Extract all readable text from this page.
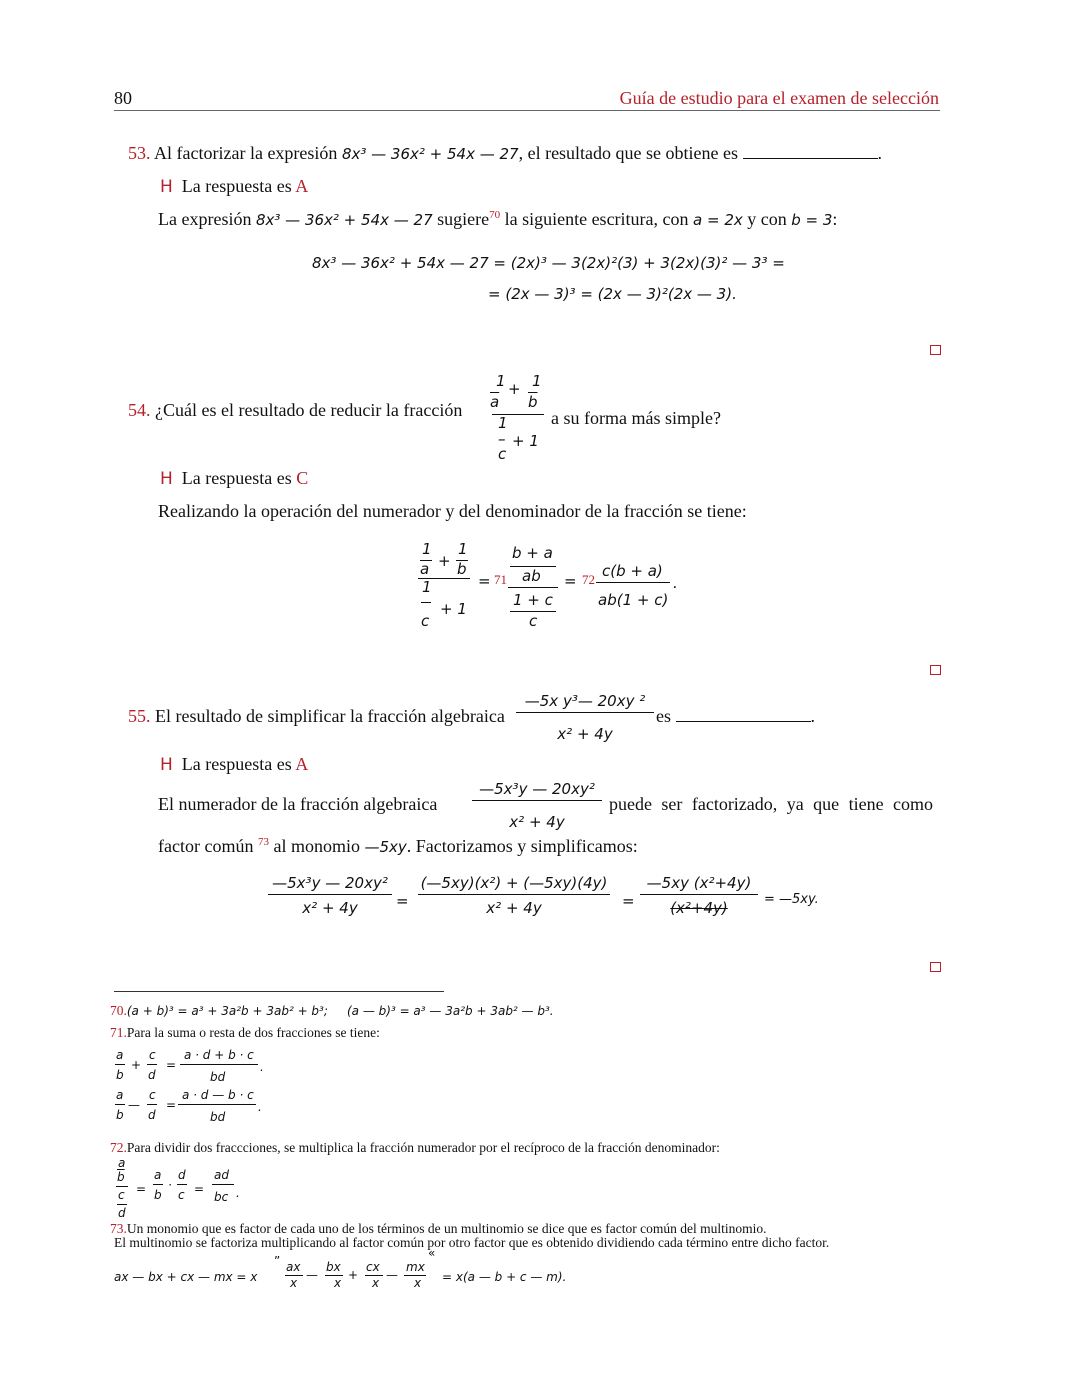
80	Guía de estudio para el examen de selección
53. Al factorizar la expresión 8x³ — 36x² + 54x — 27, el resultado que se obtiene es	.
H La respuesta es A
La expresión 8x³ — 36x² + 54x — 27 sugiere$^{70}$ la siguiente escritura, con a = 2x y con b = 3:
8x³ — 36x² + 54x — 27 = (2x)³ — 3(2x)²(3) + 3(2x)(3)² — 3³ =
= (2x — 3)³ = (2x — 3)²(2x — 3).
54. ¿Cuál es el resultado de reducir la fracción
1 + 1
$\overline{a}$ $\overline{b}$
1
– + 1
c
a su forma más simple?
H La respuesta es C
Realizando la operación del numerador y del denominador de la fracción se tiene:
1
+
1
a b
1
+ 1
c
= 71
b + a
ab
1 + c
c
= 72 c(b + a)
ab(1 + c)
.
55. El resultado de simplificar la fracción algebraica
—5x y³— 20xy ²
x² + 4y
es	.
H La respuesta es A
El numerador de la fracción algebraica
—5x³y — 20xy²
x² + 4y
puede ser factorizado, ya que tiene como
factor común $^{73}$ al monomio —5xy. Factorizamos y simplificamos:
—5x³y — 20xy²
x² + 4y	=
(—5xy)(x²) + (—5xy)(4y)
x² + 4y	= $\frac{\text{—5xy (x²+4y)}}{\text{(x²+4y)}}$ = —5xy.
70.(a + b)³ = a³ + 3a²b + 3ab² + b³;     (a — b)³ = a³ — 3a²b + 3ab² — b³.
71.Para la suma o resta de dos fracciones se tiene:
a
b
+
c
d
=
a · d + b · c
bd
.
a
b
—
c
d
=
a · d — b · c
bd
.
72.Para dividir dos fraccciones, se multiplica la fracción numerador por el recíproco de la fracción denominador:
a
$\overline{b}$
c
d
=
a
b
·
d
c =
ad
bc .
73.Un monomio que es factor de cada uno de los términos de un multinomio se dice que es factor común del multinomio.
El multinomio se factoriza multiplicando al factor común por otro factor que es obtenido dividiendo cada término entre dicho factor.
ax — bx + cx — mx = x
” ax
x
—
bx
x
+
cx
x
—
mx
x
«
= x(a — b + c — m).
